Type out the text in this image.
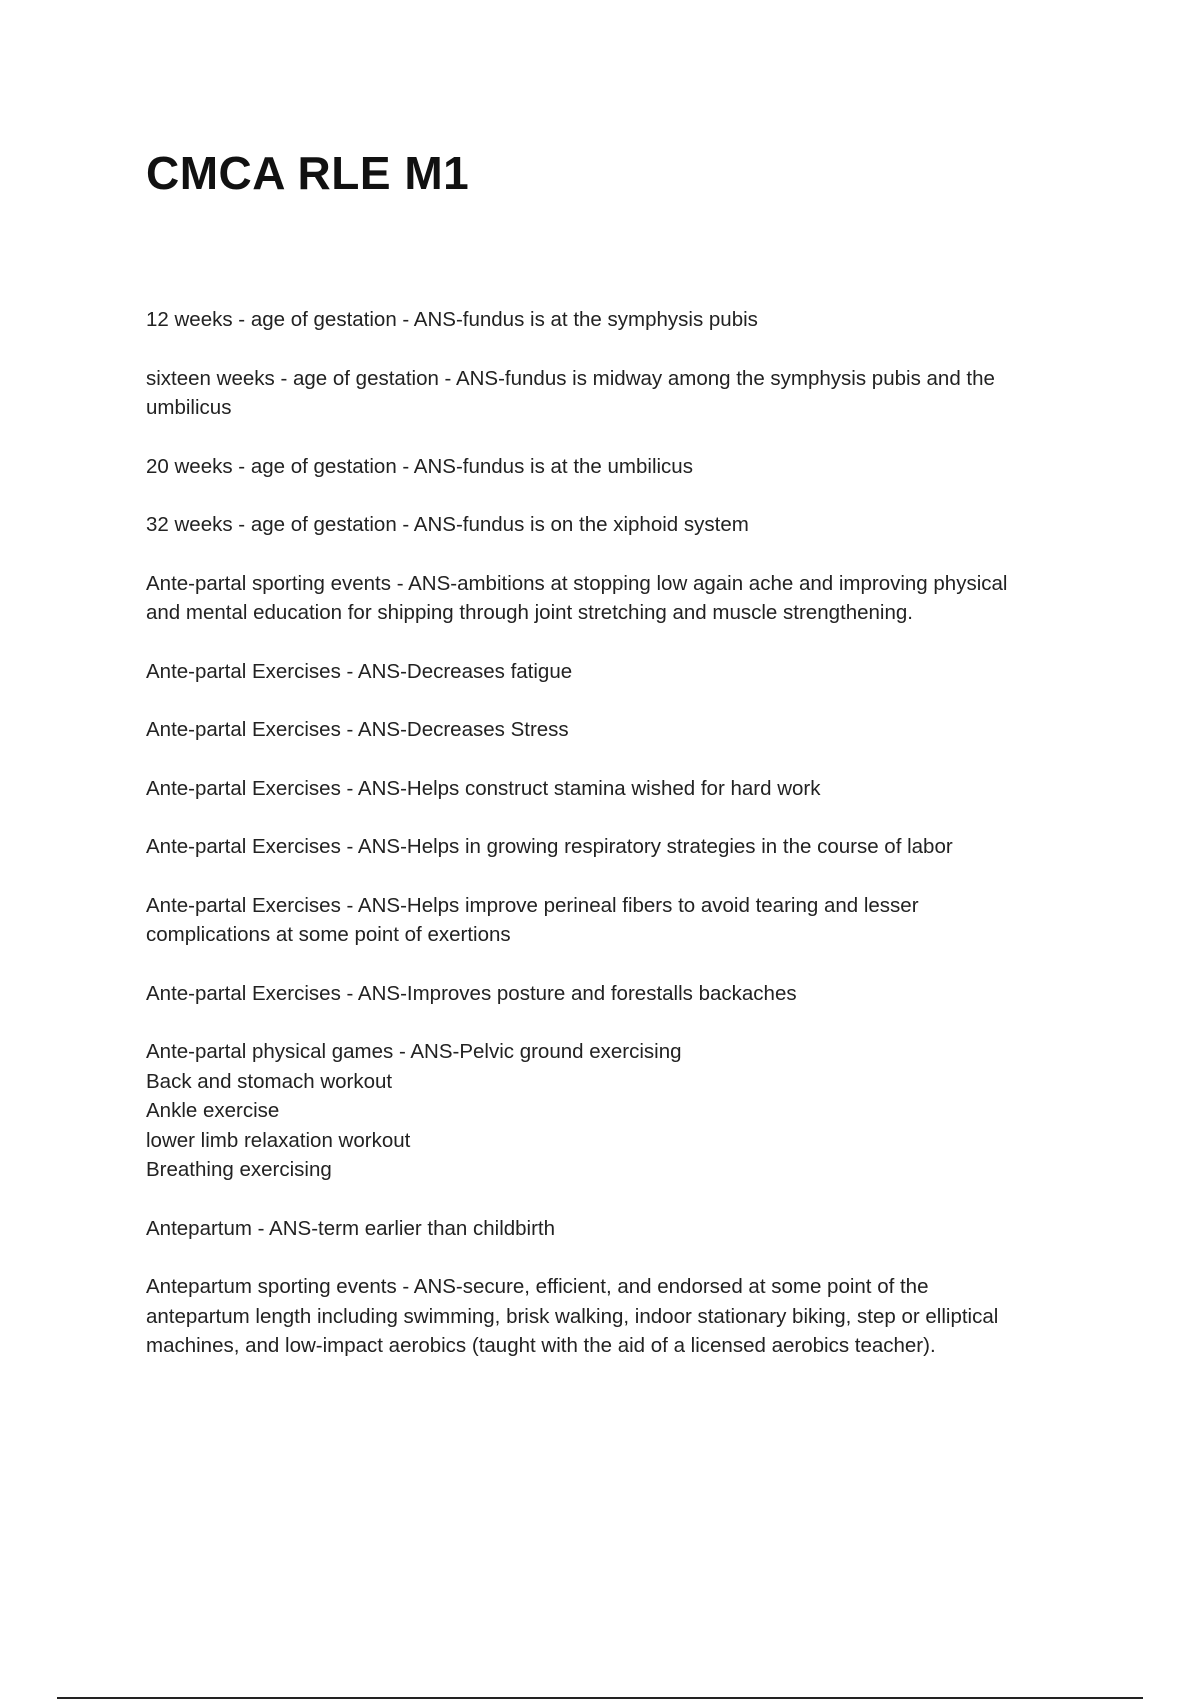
CMCA RLE M1

12 weeks - age of gestation - ANS-fundus is at the symphysis pubis

sixteen weeks - age of gestation - ANS-fundus is midway among the symphysis pubis and the
umbilicus

20 weeks - age of gestation - ANS-fundus is at the umbilicus

32 weeks - age of gestation - ANS-fundus is on the xiphoid system

Ante-partal sporting events - ANS-ambitions at stopping low again ache and improving physical
and mental education for shipping through joint stretching and muscle strengthening.

Ante-partal Exercises - ANS-Decreases fatigue

Ante-partal Exercises - ANS-Decreases Stress

Ante-partal Exercises - ANS-Helps construct stamina wished for hard work

Ante-partal Exercises - ANS-Helps in growing respiratory strategies in the course of labor

Ante-partal Exercises - ANS-Helps improve perineal fibers to avoid tearing and lesser
complications at some point of exertions

Ante-partal Exercises - ANS-Improves posture and forestalls backaches

Ante-partal physical games - ANS-Pelvic ground exercising
Back and stomach workout
Ankle exercise
lower limb relaxation workout
Breathing exercising

Antepartum - ANS-term earlier than childbirth

Antepartum sporting events - ANS-secure, efficient, and endorsed at some point of the
antepartum length including swimming, brisk walking, indoor stationary biking, step or elliptical
machines, and low-impact aerobics (taught with the aid of a licensed aerobics teacher).
